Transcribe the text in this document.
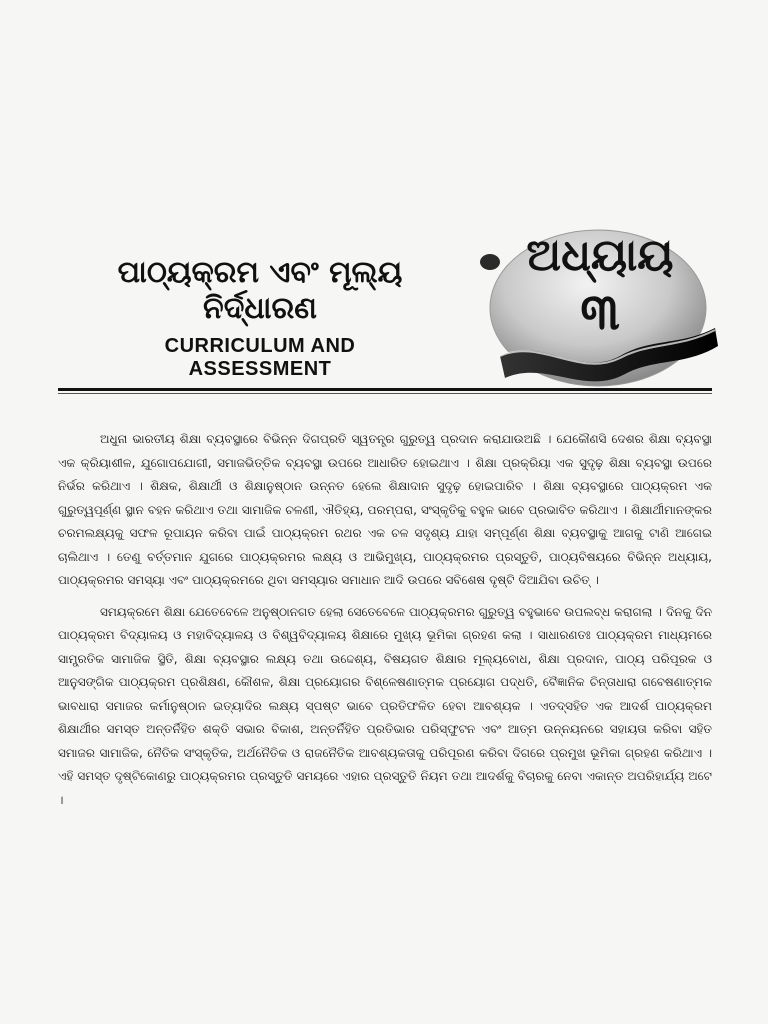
ପାଠ୍ୟକ୍ରମ ଏବଂ ମୂଲ୍ୟ

ନିର୍ଦ୍ଧାରଣ

CURRICULUM AND

ASSESSMENT

ଅଧ୍ୟାୟ
୩

ଅଧୁନା ଭାରତୀୟ ଶିକ୍ଷା ବ୍ୟବସ୍ଥାରେ ବିଭିନ୍ନ ଦିଗପ୍ରତି ସ୍ୱତନ୍ତ୍ର ଗୁରୁତ୍ୱ ପ୍ରଦାନ କରାଯାଉଅଛି । ଯେକୌଣସି ଦେଶର ଶିକ୍ଷା ବ୍ୟବସ୍ଥା ଏକ କ୍ରିୟାଶୀଳ, ଯୁଗୋପଯୋଗୀ, ସମାଜଭିତ୍ତିକ ବ୍ୟବସ୍ଥା ଉପରେ ଆଧାରିତ ହୋଇଥାଏ । ଶିକ୍ଷା ପ୍ରକ୍ରିୟା ଏକ ସୁଦୃଢ଼ ଶିକ୍ଷା ବ୍ୟବସ୍ଥା ଉପରେ ନିର୍ଭର କରିଥାଏ । ଶିକ୍ଷକ, ଶିକ୍ଷାର୍ଥୀ ଓ ଶିକ୍ଷାନୁଷ୍ଠାନ ଉନ୍ନତ ହେଲେ ଶିକ୍ଷାଦାନ ସୁଦୃଢ଼ ହୋଇପାରିବ । ଶିକ୍ଷା ବ୍ୟବସ୍ଥାରେ ପାଠ୍ୟକ୍ରମ ଏକ ଗୁରୁତ୍ୱପୂର୍ଣ୍ଣ ସ୍ଥାନ ବହନ କରିଥାଏ ତଥା ସାମାଜିକ ଚଳଣୀ, ଐତିହ୍ୟ, ପରମ୍ପରା, ସଂସ୍କୃତିକୁ ବହୁଳ ଭାବେ ପ୍ରଭାବିତ କରିଥାଏ । ଶିକ୍ଷାର୍ଥୀମାନଙ୍କର ଚରମଲକ୍ଷ୍ୟକୁ ସଫଳ ରୂପାୟନ କରିବା ପାଇଁ ପାଠ୍ୟକ୍ରମ ରଥର ଏକ ଚଳ ସଦୃଶ୍ୟ ଯାହା ସମ୍ପୂର୍ଣ୍ଣ ଶିକ୍ଷା ବ୍ୟବସ୍ଥାକୁ ଆଗକୁ ଟାଣି ଆଗେଇ ଚାଲିଥାଏ । ତେଣୁ ବର୍ତ୍ତମାନ ଯୁଗରେ ପାଠ୍ୟକ୍ରମର ଲକ୍ଷ୍ୟ ଓ ଆଭିମୁଖ୍ୟ, ପାଠ୍ୟକ୍ରମର ପ୍ରସ୍ତୁତି, ପାଠ୍ୟବିଷୟରେ ବିଭିନ୍ନ ଅଧ୍ୟାୟ, ପାଠ୍ୟକ୍ରମର ସମସ୍ୟା ଏବଂ ପାଠ୍ୟକ୍ରମରେ ଥିବା ସମସ୍ୟାର ସମାଧାନ ଆଦି ଉପରେ ସବିଶେଷ ଦୃଷ୍ଟି ଦିଆଯିବା ଉଚିତ୍ ।

ସମୟକ୍ରମେ ଶିକ୍ଷା ଯେତେବେଳେ ଅନୁଷ୍ଠାନଗତ ହେଲା ସେତେବେଳେ ପାଠ୍ୟକ୍ରମର ଗୁରୁତ୍ୱ ବହୁଭାବେ ଉପଲବ୍ଧ କରାଗଲା । ଦିନକୁ ଦିନ ପାଠ୍ୟକ୍ରମ ବିଦ୍ୟାଳୟ ଓ ମହାବିଦ୍ୟାଳୟ ଓ ବିଶ୍ୱବିଦ୍ୟାଳୟ ଶିକ୍ଷାରେ ମୁଖ୍ୟ ଭୂମିକା ଗ୍ରହଣ କଲା । ସାଧାରଣତଃ ପାଠ୍ୟକ୍ରମ ମାଧ୍ୟମରେ ସାମ୍ପ୍ରତିକ ସାମାଜିକ ସ୍ଥିତି, ଶିକ୍ଷା ବ୍ୟବସ୍ଥାର ଲକ୍ଷ୍ୟ ତଥା ଉଦ୍ଦେଶ୍ୟ, ବିଷୟଗତ ଶିକ୍ଷାର ମୂଲ୍ୟବୋଧ, ଶିକ୍ଷା ପ୍ରଦାନ, ପାଠ୍ୟ ପରିପୂରକ ଓ ଆନୁସଙ୍ଗିକ ପାଠ୍ୟକ୍ରମ ପ୍ରଶିକ୍ଷଣ, କୌଶଳ, ଶିକ୍ଷା ପ୍ରୟୋଗର ବିଶ୍ଳେଷଣାତ୍ମକ ପ୍ରୟୋଗ ପଦ୍ଧତି, ବୈଜ୍ଞାନିକ ଚିନ୍ତାଧାରା ଗବେଷଣାତ୍ମକ ଭାବଧାରା ସମାଜର କର୍ମାନୁଷ୍ଠାନ ଇତ୍ୟାଦିର ଲକ୍ଷ୍ୟ ସ୍ପଷ୍ଟ ଭାବେ ପ୍ରତିଫଳିତ ହେବା ଆବଶ୍ୟକ । ଏତଦ୍‌ସହିତ ଏକ ଆଦର୍ଶ ପାଠ୍ୟକ୍ରମ ଶିକ୍ଷାର୍ଥୀର ସମସ୍ତ ଅନ୍ତର୍ନିହିତ ଶକ୍ତି ସଭାର ବିକାଶ, ଅନ୍ତର୍ନିହିତ ପ୍ରତିଭାର ପରିସ୍ଫୁଟନ ଏବଂ ଆତ୍ମ ଉନ୍ନୟନରେ ସହାୟତା କରିବା ସହିତ ସମାଜର ସାମାଜିକ, ନୈତିକ ସଂସ୍କୃତିକ, ଅର୍ଥନୈତିକ ଓ ରାଜନୈତିକ ଆବଶ୍ୟକତାକୁ ପରିପୂରଣ କରିବା ଦିଗରେ ପ୍ରମୁଖ ଭୂମିକା ଗ୍ରହଣ କରିଥାଏ । ଏହି ସମସ୍ତ ଦୃଷ୍ଟିକୋଣରୁ ପାଠ୍ୟକ୍ରମର ପ୍ରସ୍ତୁତି ସମୟରେ ଏହାର ପ୍ରସ୍ତୁତି ନିୟମ ତଥା ଆଦର୍ଶକୁ ବିଚାରକୁ ନେବା ଏକାନ୍ତ ଅପରିହାର୍ଯ୍ୟ ଅଟେ ।
